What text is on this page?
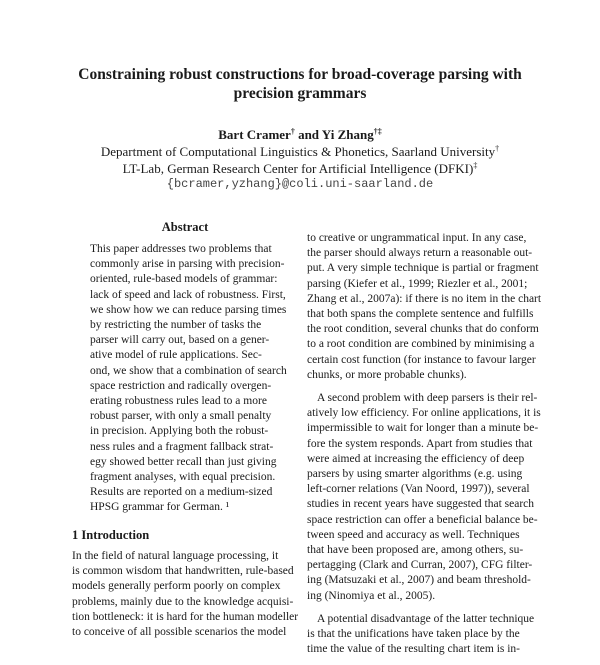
Constraining robust constructions for broad-coverage parsing with
precision grammars
Bart Cramer† and Yi Zhang†‡
Department of Computational Linguistics & Phonetics, Saarland University†
LT-Lab, German Research Center for Artificial Intelligence (DFKI)‡
{bcramer,yzhang}@coli.uni-saarland.de
Abstract
This paper addresses two problems that
commonly arise in parsing with precision-
oriented, rule-based models of grammar:
lack of speed and lack of robustness. First,
we show how we can reduce parsing times
by restricting the number of tasks the
parser will carry out, based on a gener-
ative model of rule applications. Sec-
ond, we show that a combination of search
space restriction and radically overgen-
erating robustness rules lead to a more
robust parser, with only a small penalty
in precision. Applying both the robust-
ness rules and a fragment fallback strat-
egy showed better recall than just giving
fragment analyses, with equal precision.
Results are reported on a medium-sized
HPSG grammar for German. ¹
1 Introduction
In the field of natural language processing, it
is common wisdom that handwritten, rule-based
models generally perform poorly on complex
problems, mainly due to the knowledge acquisi-
tion bottleneck: it is hard for the human modeller
to conceive of all possible scenarios the model
to creative or ungrammatical input. In any case,
the parser should always return a reasonable out-
put. A very simple technique is partial or fragment
parsing (Kiefer et al., 1999; Riezler et al., 2001;
Zhang et al., 2007a): if there is no item in the chart
that both spans the complete sentence and fulfills
the root condition, several chunks that do conform
to a root condition are combined by minimising a
certain cost function (for instance to favour larger
chunks, or more probable chunks).
A second problem with deep parsers is their rel-
atively low efficiency. For online applications, it is
impermissible to wait for longer than a minute be-
fore the system responds. Apart from studies that
were aimed at increasing the efficiency of deep
parsers by using smarter algorithms (e.g. using
left-corner relations (Van Noord, 1997)), several
studies in recent years have suggested that search
space restriction can offer a beneficial balance be-
tween speed and accuracy as well. Techniques
that have been proposed are, among others, su-
pertagging (Clark and Curran, 2007), CFG filter-
ing (Matsuzaki et al., 2007) and beam threshold-
ing (Ninomiya et al., 2005).
A potential disadvantage of the latter technique
is that the unifications have taken place by the
time the value of the resulting chart item is in-
